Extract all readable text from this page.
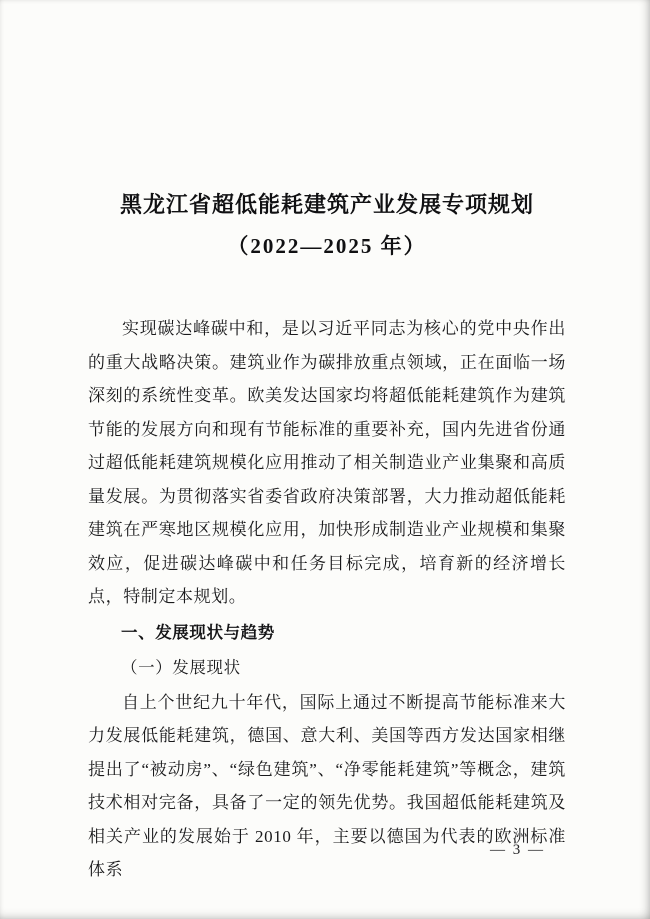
黑龙江省超低能耗建筑产业发展专项规划
（2022—2025 年）

实现碳达峰碳中和，是以习近平同志为核心的党中央作出的重大战略决策。建筑业作为碳排放重点领域，正在面临一场深刻的系统性变革。欧美发达国家均将超低能耗建筑作为建筑节能的发展方向和现有节能标准的重要补充，国内先进省份通过超低能耗建筑规模化应用推动了相关制造业产业集聚和高质量发展。为贯彻落实省委省政府决策部署，大力推动超低能耗建筑在严寒地区规模化应用，加快形成制造业产业规模和集聚效应，促进碳达峰碳中和任务目标完成，培育新的经济增长点，特制定本规划。

一、发展现状与趋势
（一）发展现状

自上个世纪九十年代，国际上通过不断提高节能标准来大力发展低能耗建筑，德国、意大利、美国等西方发达国家相继提出了“被动房”、“绿色建筑”、“净零能耗建筑”等概念，建筑技术相对完备，具备了一定的领先优势。我国超低能耗建筑及相关产业的发展始于 2010 年，主要以德国为代表的欧洲标准体系

— 3 —
